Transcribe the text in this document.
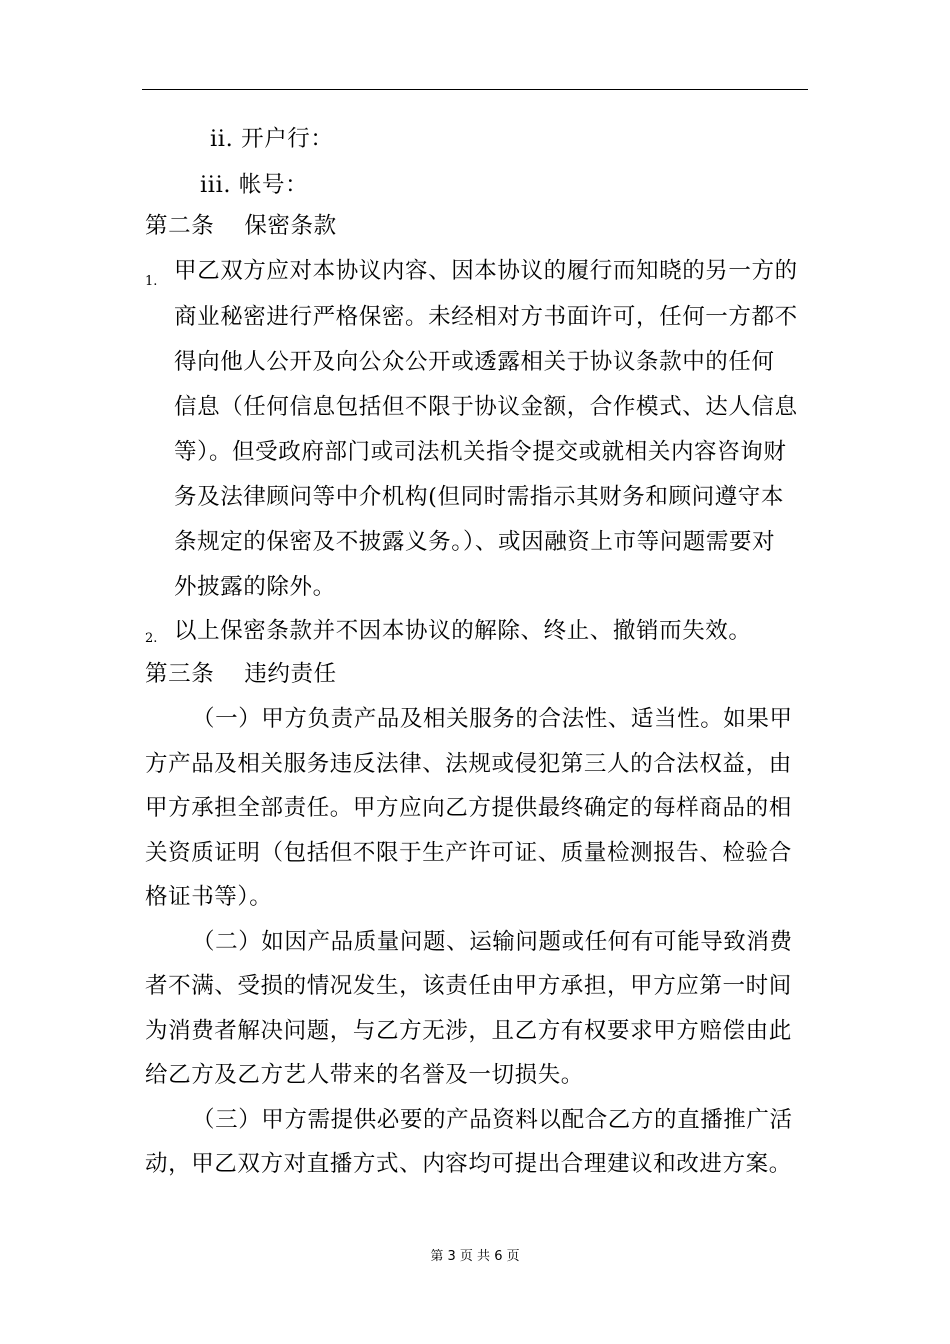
ii. 开户行：
iii. 帐号：
第二条 保密条款
1. 甲乙双方应对本协议内容、因本协议的履行而知晓的另一方的
商业秘密进行严格保密。未经相对方书面许可，任何一方都不
得向他人公开及向公众公开或透露相关于协议条款中的任何
信息（任何信息包括但不限于协议金额，合作模式、达人信息
等）。但受政府部门或司法机关指令提交或就相关内容咨询财
务及法律顾问等中介机构(但同时需指示其财务和顾问遵守本
条规定的保密及不披露义务。）、或因融资上市等问题需要对
外披露的除外。
2. 以上保密条款并不因本协议的解除、终止、撤销而失效。
第三条 违约责任
（一）甲方负责产品及相关服务的合法性、适当性。如果甲
方产品及相关服务违反法律、法规或侵犯第三人的合法权益，由
甲方承担全部责任。甲方应向乙方提供最终确定的每样商品的相
关资质证明（包括但不限于生产许可证、质量检测报告、检验合
格证书等）。
（二）如因产品质量问题、运输问题或任何有可能导致消费
者不满、受损的情况发生，该责任由甲方承担，甲方应第一时间
为消费者解决问题，与乙方无涉，且乙方有权要求甲方赔偿由此
给乙方及乙方艺人带来的名誉及一切损失。
（三）甲方需提供必要的产品资料以配合乙方的直播推广活
动，甲乙双方对直播方式、内容均可提出合理建议和改进方案。
第 3 页 共 6 页
